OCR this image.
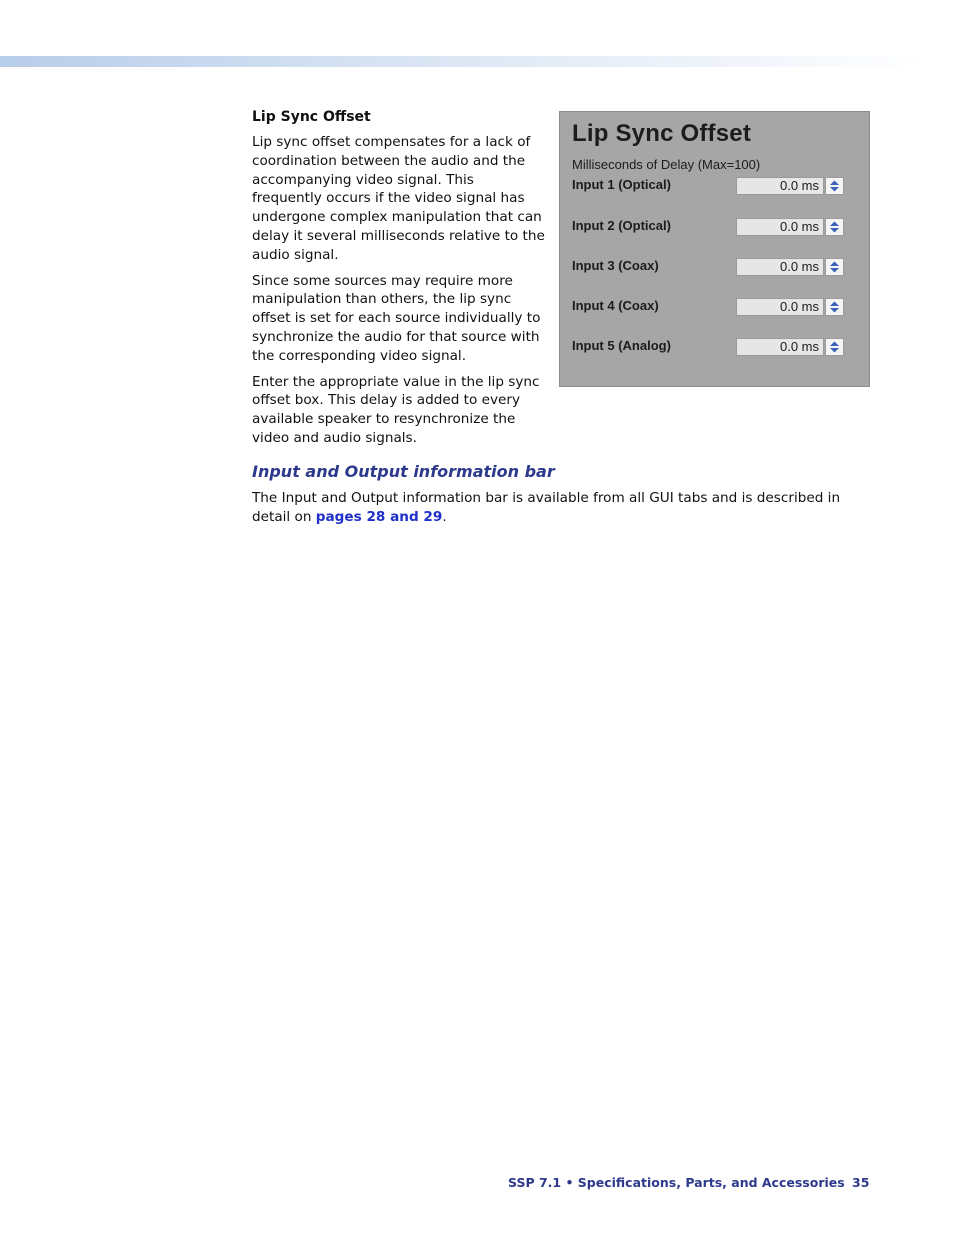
Lip Sync Offset

Lip sync offset compensates for a lack of coordination between the audio and the accompanying video signal. This frequently occurs if the video signal has undergone complex manipulation that can delay it several milliseconds relative to the audio signal.

Since some sources may require more manipulation than others, the lip sync offset is set for each source individually to synchronize the audio for that source with the corresponding video signal.

Enter the appropriate value in the lip sync offset box. This delay is added to every available speaker to resynchronize the video and audio signals.

Lip Sync Offset
Milliseconds of Delay (Max=100)
Input 1 (Optical)	0.0 ms
Input 2 (Optical)	0.0 ms
Input 3 (Coax)	0.0 ms
Input 4 (Coax)	0.0 ms
Input 5 (Analog)	0.0 ms
Input and Output information bar

The Input and Output information bar is available from all GUI tabs and is described in detail on pages 28 and 29.

SSP 7.1 • Specifications, Parts, and Accessories 35
